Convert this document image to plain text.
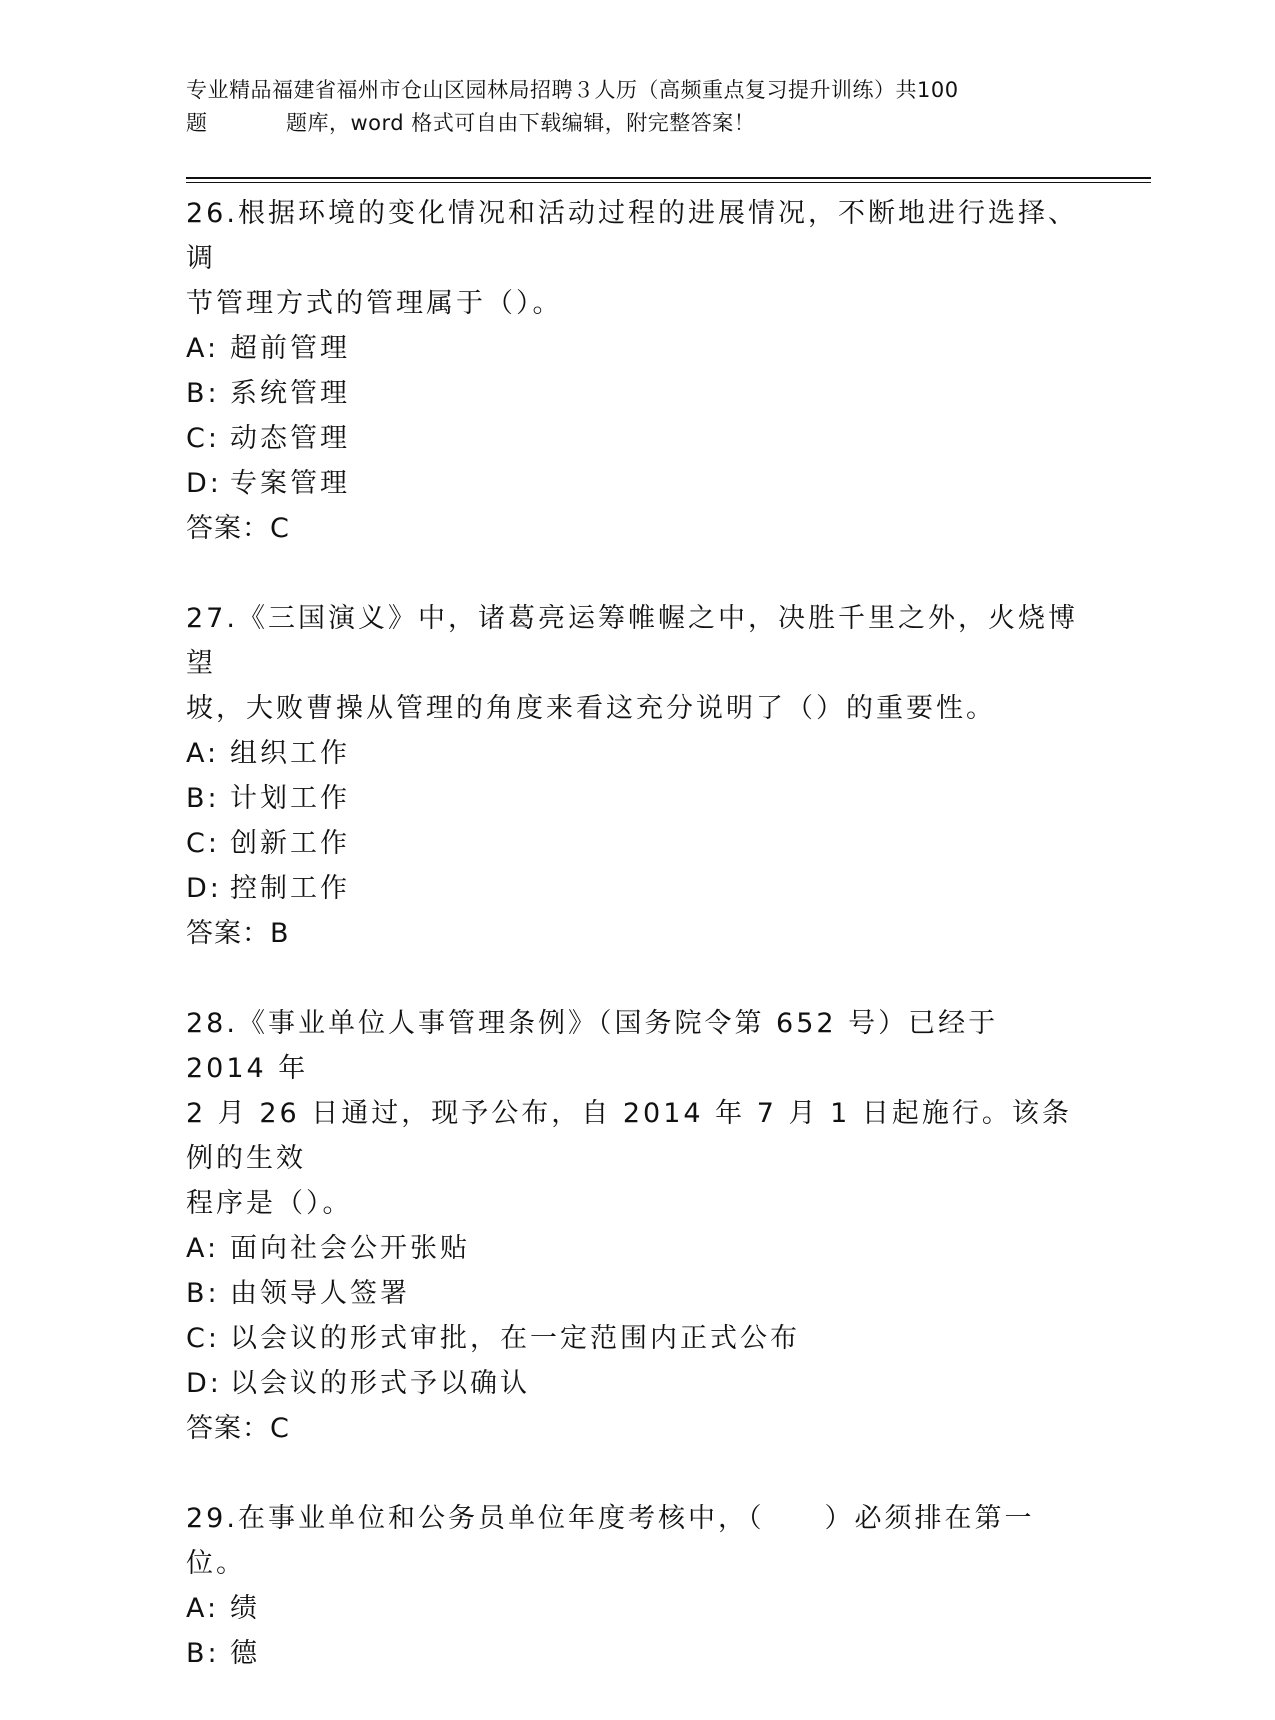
专业精品福建省福州市仓山区园林局招聘３人历（高频重点复习提升训练）共100
题	题库，word 格式可自由下载编辑，附完整答案！
26.根据环境的变化情况和活动过程的进展情况，不断地进行选择、调
节管理方式的管理属于（）。
A: 超前管理
B: 系统管理
C: 动态管理
D: 专案管理
答案：C
27.《三国演义》中，诸葛亮运筹帷幄之中，决胜千里之外，火烧博望
坡，大败曹操从管理的角度来看这充分说明了（）的重要性。
A: 组织工作
B: 计划工作
C: 创新工作
D: 控制工作
答案：B
28.《事业单位人事管理条例》（国务院令第 652 号）已经于 2014 年
2 月 26 日通过，现予公布，自 2014 年 7 月 1 日起施行。该条例的生效
程序是（）。
A: 面向社会公开张贴
B: 由领导人签署
C: 以会议的形式审批，在一定范围内正式公布
D: 以会议的形式予以确认
答案：C
29.在事业单位和公务员单位年度考核中，（　　）必须排在第一位。
A: 绩
B: 德
